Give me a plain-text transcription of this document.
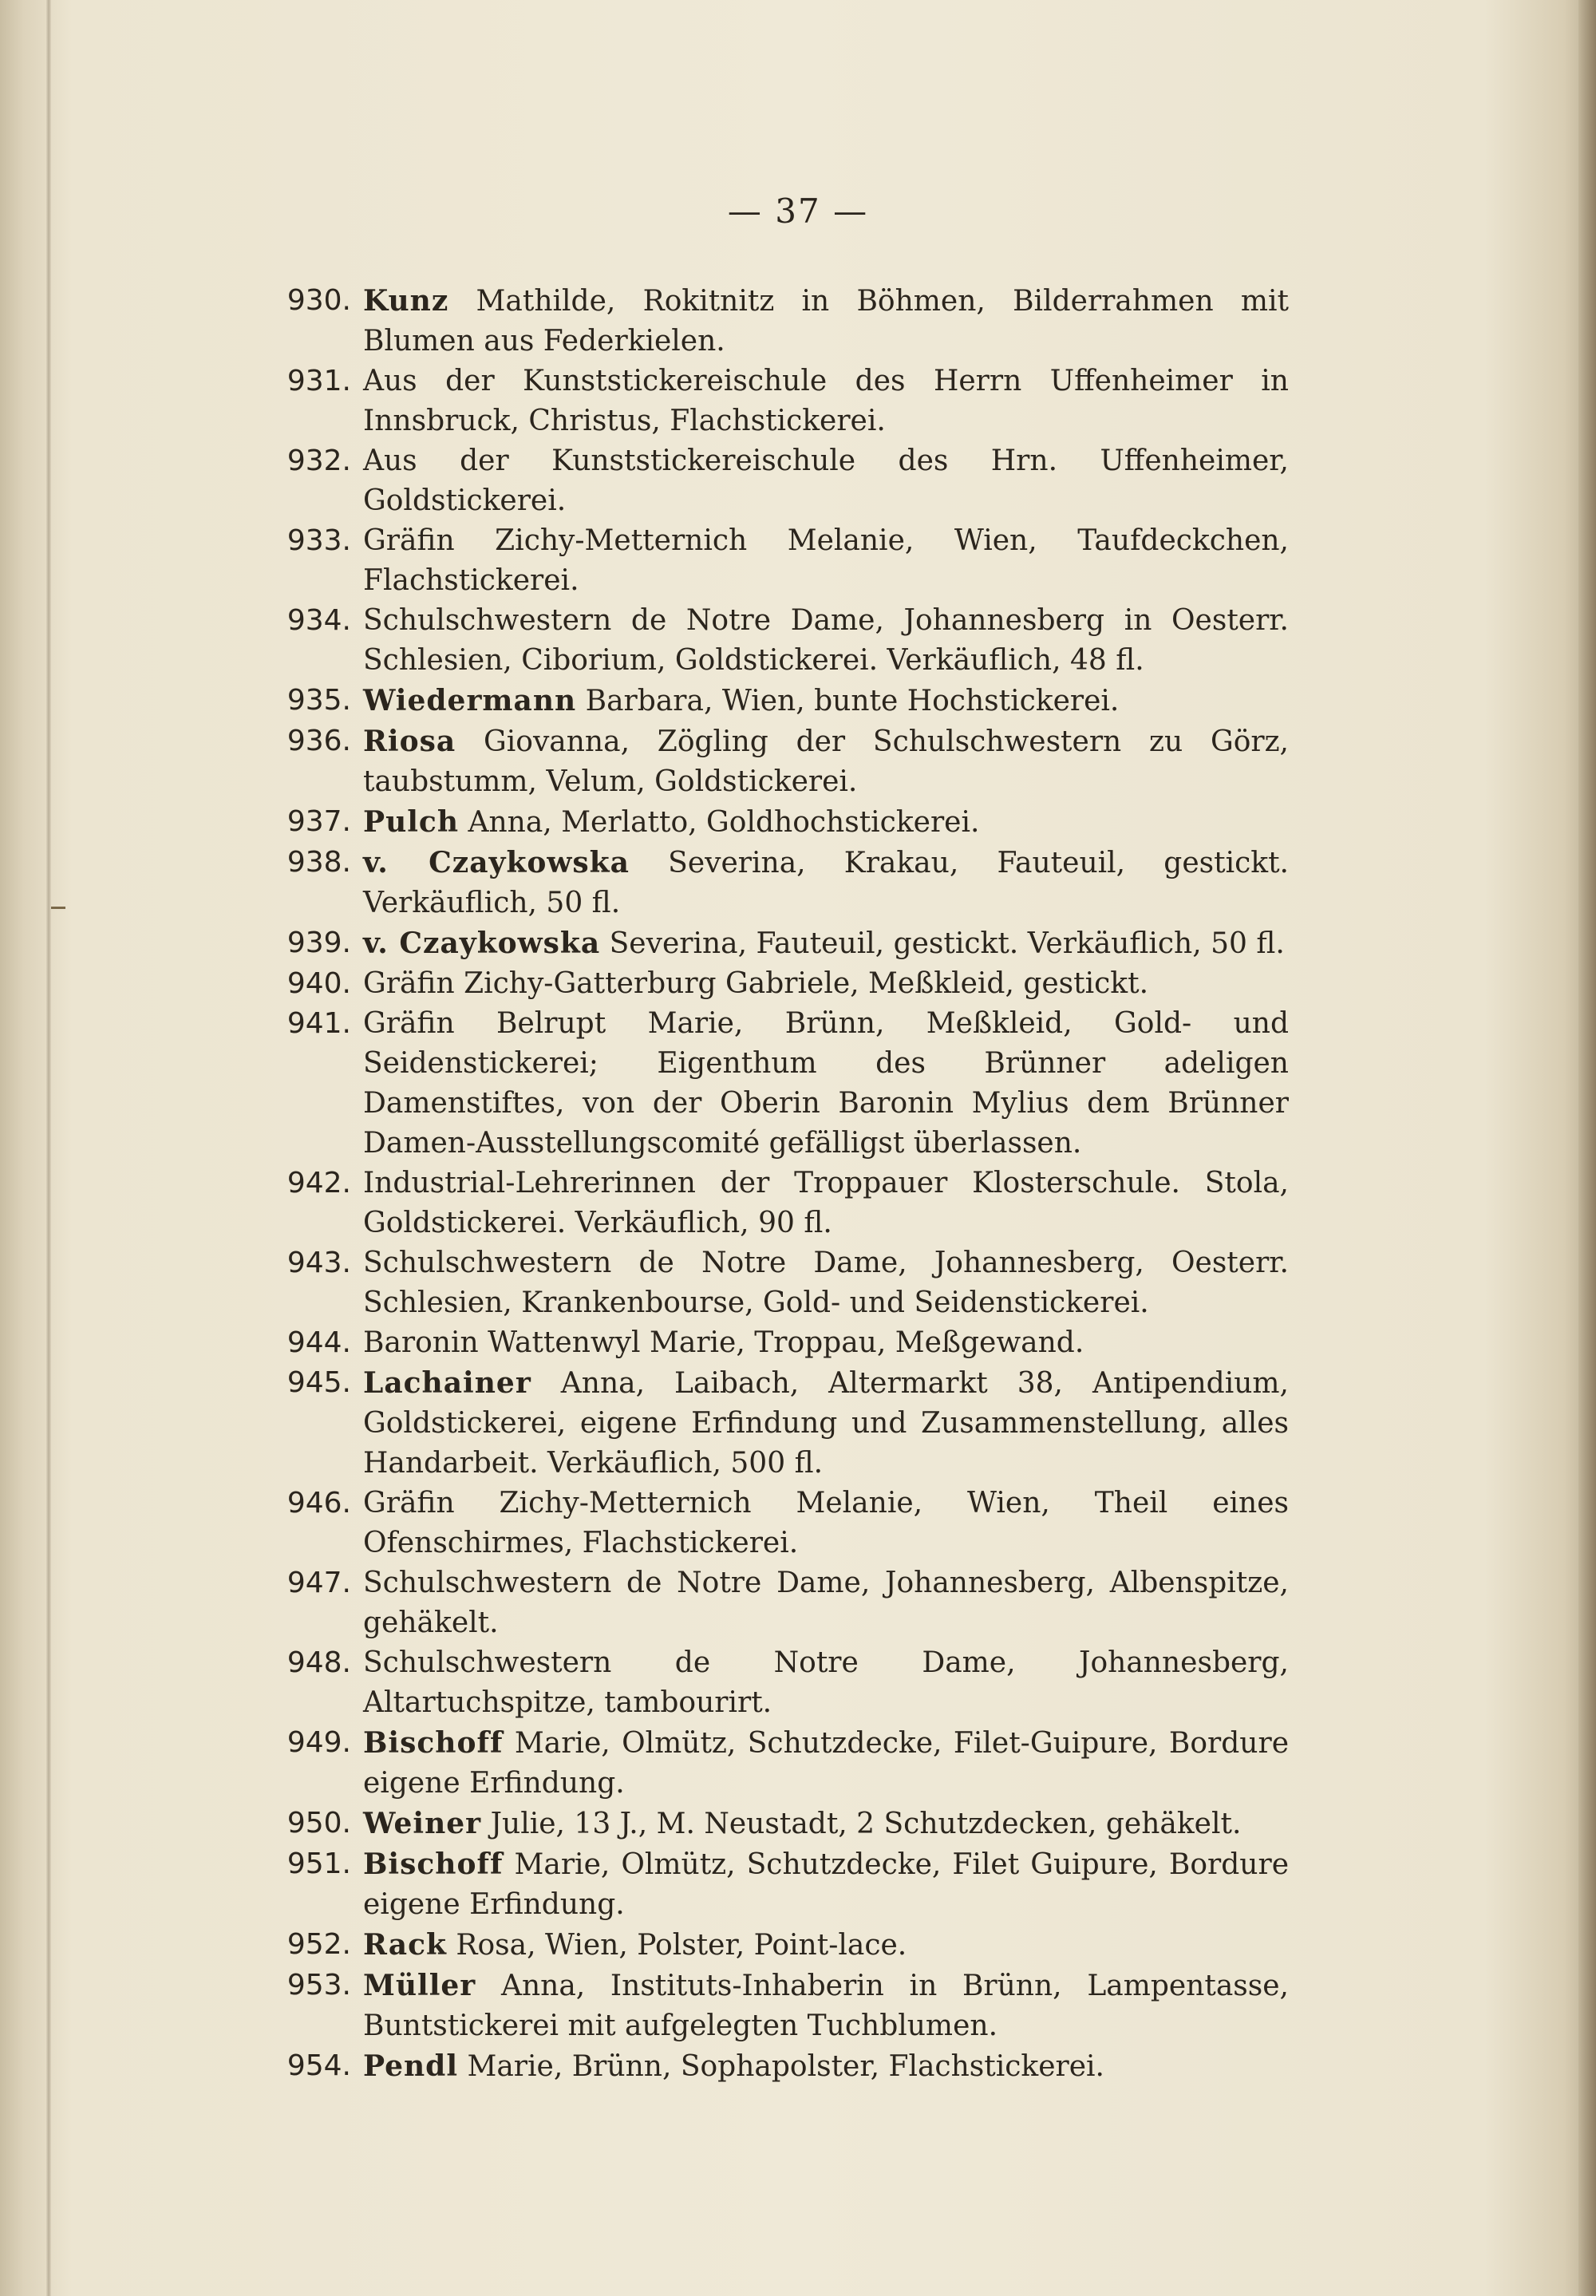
— 37 —
930. Kunz Mathilde, Rokitnitz in Böhmen, Bilderrahmen mit Blumen aus Federkielen.
931. Aus der Kunststickereischule des Herrn Uffenheimer in Innsbruck, Christus, Flachstickerei.
932. Aus der Kunststickereischule des Hrn. Uffenheimer, Goldstickerei.
933. Gräfin Zichy-Metternich Melanie, Wien, Taufdeckchen, Flachstickerei.
934. Schulschwestern de Notre Dame, Johannesberg in Oesterr. Schlesien, Ciborium, Goldstickerei. Verkäuflich, 48 fl.
935. Wiedermann Barbara, Wien, bunte Hochstickerei.
936. Riosa Giovanna, Zögling der Schulschwestern zu Görz, taubstumm, Velum, Goldstickerei.
937. Pulch Anna, Merlatto, Goldhochstickerei.
938. v. Czaykowska Severina, Krakau, Fauteuil, gestickt. Verkäuflich, 50 fl.
939. v. Czaykowska Severina, Fauteuil, gestickt. Verkäuflich, 50 fl.
940. Gräfin Zichy-Gatterburg Gabriele, Meßkleid, gestickt.
941. Gräfin Belrupt Marie, Brünn, Meßkleid, Gold- und Seidenstickerei; Eigenthum des Brünner adeligen Damenstiftes, von der Oberin Baronin Mylius dem Brünner Damen-Ausstellungscomité gefälligst überlassen.
942. Industrial-Lehrerinnen der Troppauer Klosterschule. Stola, Goldstickerei. Verkäuflich, 90 fl.
943. Schulschwestern de Notre Dame, Johannesberg, Oesterr. Schlesien, Krankenbourse, Gold- und Seidenstickerei.
944. Baronin Wattenwyl Marie, Troppau, Meßgewand.
945. Lachainer Anna, Laibach, Altermarkt 38, Antipendium, Goldstickerei, eigene Erfindung und Zusammenstellung, alles Handarbeit. Verkäuflich, 500 fl.
946. Gräfin Zichy-Metternich Melanie, Wien, Theil eines Ofenschirmes, Flachstickerei.
947. Schulschwestern de Notre Dame, Johannesberg, Albenspitze, gehäkelt.
948. Schulschwestern de Notre Dame, Johannesberg, Altartuchspitze, tambourirt.
949. Bischoff Marie, Olmütz, Schutzdecke, Filet-Guipure, Bordure eigene Erfindung.
950. Weiner Julie, 13 J., M. Neustadt, 2 Schutzdecken, gehäkelt.
951. Bischoff Marie, Olmütz, Schutzdecke, Filet Guipure, Bordure eigene Erfindung.
952. Rack Rosa, Wien, Polster, Point-lace.
953. Müller Anna, Instituts-Inhaberin in Brünn, Lampentasse, Buntstickerei mit aufgelegten Tuchblumen.
954. Pendl Marie, Brünn, Sophapolster, Flachstickerei.
